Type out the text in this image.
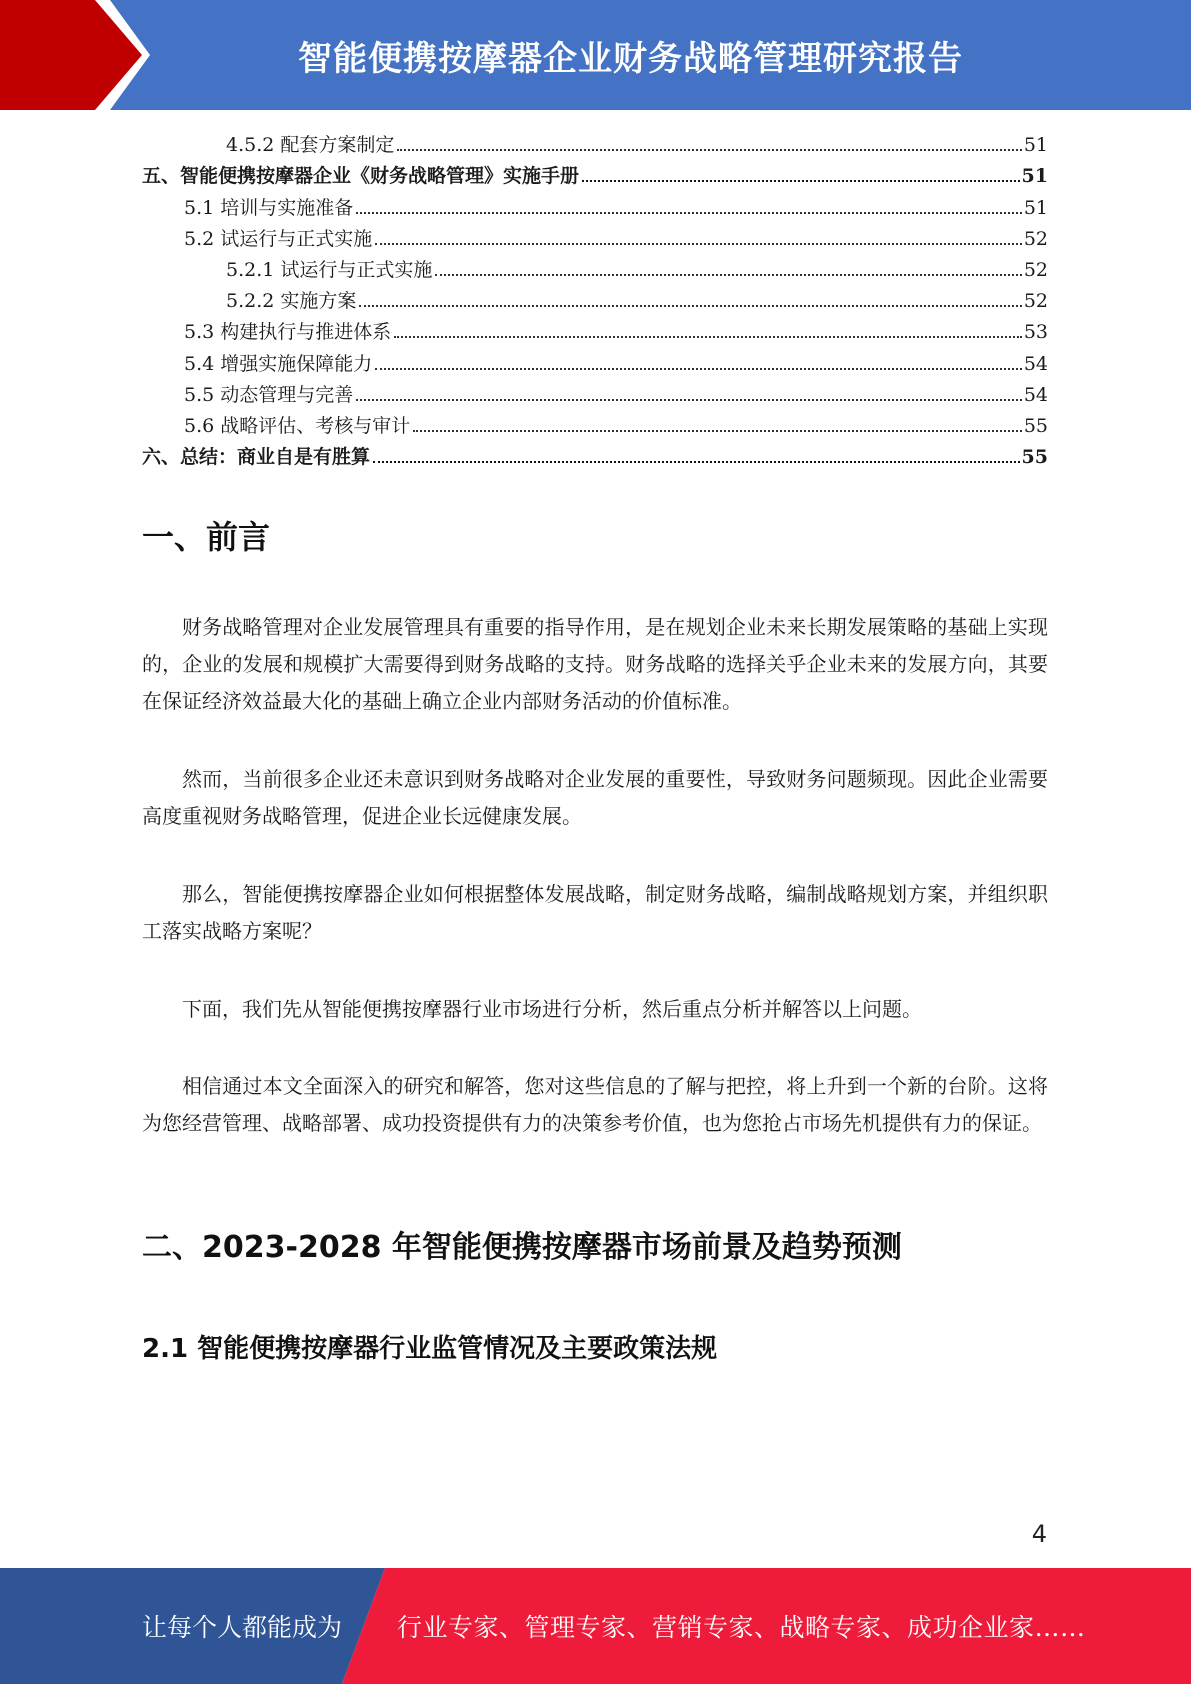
智能便携按摩器企业财务战略管理研究报告
4.5.2 配套方案制定	51
五、智能便携按摩器企业《财务战略管理》实施手册	51
5.1 培训与实施准备	51
5.2 试运行与正式实施	52
5.2.1 试运行与正式实施	52
5.2.2 实施方案	52
5.3 构建执行与推进体系	53
5.4 增强实施保障能力	54
5.5 动态管理与完善	54
5.6 战略评估、考核与审计	55
六、总结：商业自是有胜算	55
一、前言

财务战略管理对企业发展管理具有重要的指导作用，是在规划企业未来长期发展策略的基础上实现的，企业的发展和规模扩大需要得到财务战略的支持。财务战略的选择关乎企业未来的发展方向，其要在保证经济效益最大化的基础上确立企业内部财务活动的价值标准。

然而，当前很多企业还未意识到财务战略对企业发展的重要性，导致财务问题频现。因此企业需要高度重视财务战略管理，促进企业长远健康发展。

那么，智能便携按摩器企业如何根据整体发展战略，制定财务战略，编制战略规划方案，并组织职工落实战略方案呢？

下面，我们先从智能便携按摩器行业市场进行分析，然后重点分析并解答以上问题。

相信通过本文全面深入的研究和解答，您对这些信息的了解与把控，将上升到一个新的台阶。这将为您经营管理、战略部署、成功投资提供有力的决策参考价值，也为您抢占市场先机提供有力的保证。

二、2023-2028 年智能便携按摩器市场前景及趋势预测
2.1 智能便携按摩器行业监管情况及主要政策法规
4
让每个人都能成为 行业专家、管理专家、营销专家、战略专家、成功企业家……
